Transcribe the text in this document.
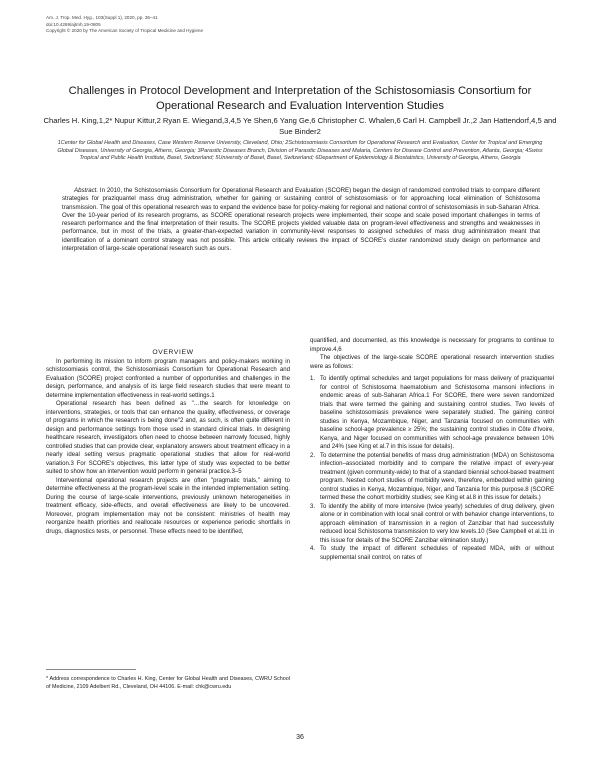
Am. J. Trop. Med. Hyg., 103(Suppl 1), 2020, pp. 36–41
doi:10.4269/ajtmh.19-0805
Copyright © 2020 by The American Society of Tropical Medicine and Hygiene
Challenges in Protocol Development and Interpretation of the Schistosomiasis Consortium for Operational Research and Evaluation Intervention Studies
Charles H. King,1,2* Nupur Kittur,2 Ryan E. Wiegand,3,4,5 Ye Shen,6 Yang Ge,6 Christopher C. Whalen,6 Carl H. Campbell Jr.,2 Jan Hattendorf,4,5 and Sue Binder2
1Center for Global Health and Diseases, Case Western Reserve University, Cleveland, Ohio; 2Schistosomiasis Consortium for Operational Research and Evaluation, Center for Tropical and Emerging Global Diseases, University of Georgia, Athens, Georgia; 3Parasitic Diseases Branch, Division of Parasitic Diseases and Malaria, Centers for Disease Control and Prevention, Atlanta, Georgia; 4Swiss Tropical and Public Health Institute, Basel, Switzerland; 5University of Basel, Basel, Switzerland; 6Department of Epidemiology & Biostatistics, University of Georgia, Athens, Georgia
Abstract. In 2010, the Schistosomiasis Consortium for Operational Research and Evaluation (SCORE) began the design of randomized controlled trials to compare different strategies for praziquantel mass drug administration, whether for gaining or sustaining control of schistosomiasis or for approaching local elimination of Schistosoma transmission. The goal of this operational research was to expand the evidence base for policy-making for regional and national control of schistosomiasis in sub-Saharan Africa. Over the 10-year period of its research programs, as SCORE operational research projects were implemented, their scope and scale posed important challenges in terms of research performance and the final interpretation of their results. The SCORE projects yielded valuable data on program-level effectiveness and strengths and weaknesses in performance, but in most of the trials, a greater-than-expected variation in community-level responses to assigned schedules of mass drug administration meant that identification of a dominant control strategy was not possible. This article critically reviews the impact of SCORE's cluster randomized study design on performance and interpretation of large-scale operational research such as ours.

OVERVIEW

In performing its mission to inform program managers and policy-makers working in schistosomiasis control, the Schistosomiasis Consortium for Operational Research and Evaluation (SCORE) project confronted a number of opportunities and challenges in the design, performance, and analysis of its large field research studies that were meant to determine implementation effectiveness in real-world settings.1

Operational research has been defined as "…the search for knowledge on interventions, strategies, or tools that can enhance the quality, effectiveness, or coverage of programs in which the research is being done"2 and, as such, is often quite different in design and performance settings from those used in standard clinical trials. In designing healthcare research, investigators often need to choose between narrowly focused, highly controlled studies that can provide clear, explanatory answers about treatment efficacy in a nearly ideal setting versus pragmatic operational studies that allow for real-world variation.3 For SCORE's objectives, this latter type of study was expected to be better suited to show how an intervention would perform in general practice.3–5

Interventional operational research projects are often "pragmatic trials," aiming to determine effectiveness at the program-level scale in the intended implementation setting. During the course of large-scale interventions, previously unknown heterogeneities in treatment efficacy, side-effects, and overall effectiveness are likely to be uncovered. Moreover, program implementation may not be consistent: ministries of health may reorganize health priorities and reallocate resources or experience periodic shortfalls in drugs, diagnostics tests, or personnel. These effects need to be identified,

* Address correspondence to Charles H. King, Center for Global Health and Diseases, CWRU School of Medicine, 2109 Adelbert Rd., Cleveland, OH 44106. E-mail: chk@cwru.edu

quantified, and documented, as this knowledge is necessary for programs to continue to improve.4,6

The objectives of the large-scale SCORE operational research intervention studies were as follows:

1. To identify optimal schedules and target populations for mass delivery of praziquantel for control of Schistosoma haematobium and Schistosoma mansoni infections in endemic areas of sub-Saharan Africa.1 For SCORE, there were seven randomized trials that were termed the gaining and sustaining control studies. Two levels of baseline schistosomiasis prevalence were separately studied. The gaining control studies in Kenya, Mozambique, Niger, and Tanzania focused on communities with baseline school-age prevalence ≥ 25%; the sustaining control studies in Côte d'Ivoire, Kenya, and Niger focused on communities with school-age prevalence between 10% and 24% (see King et al.7 in this issue for details).
2. To determine the potential benefits of mass drug administration (MDA) on Schistosoma infection–associated morbidity and to compare the relative impact of every-year treatment (given community-wide) to that of a standard biennial school-based treatment program. Nested cohort studies of morbidity were, therefore, embedded within gaining control studies in Kenya, Mozambique, Niger, and Tanzania for this purpose.8 (SCORE termed these the cohort morbidity studies; see King et al.8 in this issue for details.)
3. To identify the ability of more intensive (twice yearly) schedules of drug delivery, given alone or in combination with local snail control or with behavior change interventions, to approach elimination of transmission in a region of Zanzibar that had successfully reduced local Schistosoma transmission to very low levels.10 (See Campbell et al.11 in this issue for details of the SCORE Zanzibar elimination study.)
4. To study the impact of different schedules of repeated MDA, with or without supplemental snail control, on rates of
36
